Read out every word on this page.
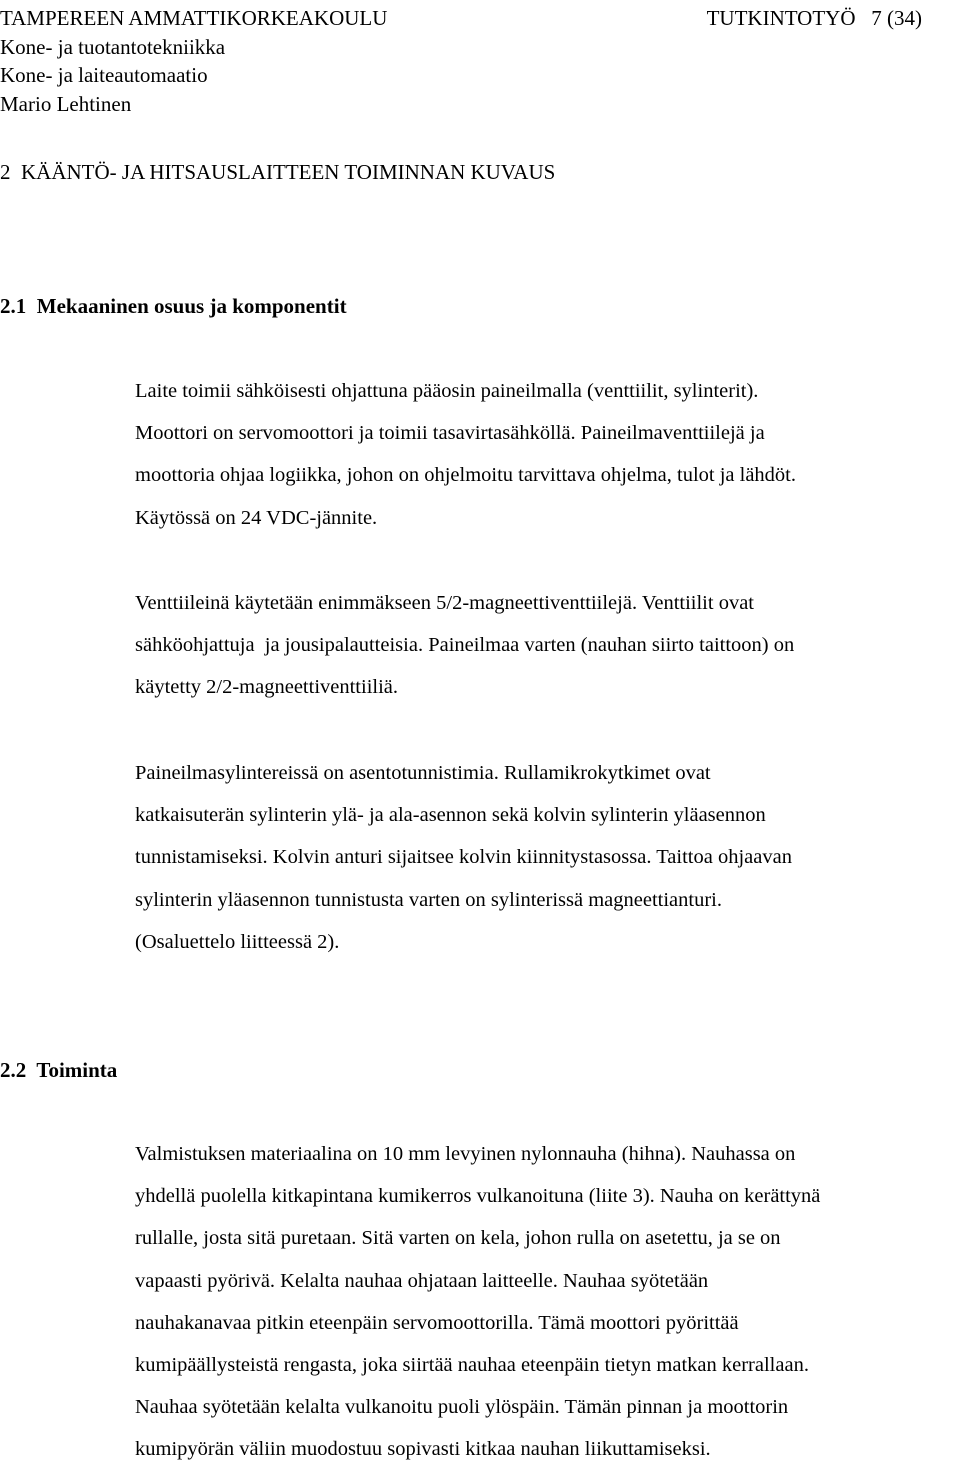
TAMPEREEN AMMATTIKORKEAKOULU	TUTKINTOTYÖ   7 (34)
Kone- ja tuotantotekniikka
Kone- ja laiteautomaatio
Mario Lehtinen
2  KÄÄNTÖ- JA HITSAUSLAITTEEN TOIMINNAN KUVAUS
2.1  Mekaaninen osuus ja komponentit

Laite toimii sähköisesti ohjattuna pääosin paineilmalla (venttiilit, sylinterit).
Moottori on servomoottori ja toimii tasavirtasähköllä. Paineilmaventtiilejä ja
moottoria ohjaa logiikka, johon on ohjelmoitu tarvittava ohjelma, tulot ja lähdöt.
Käytössä on 24 VDC-jännite.

Venttiileinä käytetään enimmäkseen 5/2-magneettiventtiilejä. Venttiilit ovat
sähköohjattuja  ja jousipalautteisia. Paineilmaa varten (nauhan siirto taittoon) on
käytetty 2/2-magneettiventtiiliä.

Paineilmasylintereissä on asentotunnistimia. Rullamikrokytkimet ovat
katkaisuterän sylinterin ylä- ja ala-asennon sekä kolvin sylinterin yläasennon
tunnistamiseksi. Kolvin anturi sijaitsee kolvin kiinnitystasossa. Taittoa ohjaavan
sylinterin yläasennon tunnistusta varten on sylinterissä magneettianturi.
(Osaluettelo liitteessä 2).

2.2  Toiminta

Valmistuksen materiaalina on 10 mm levyinen nylonnauha (hihna). Nauhassa on
yhdellä puolella kitkapintana kumikerros vulkanoituna (liite 3). Nauha on kerättynä
rullalle, josta sitä puretaan. Sitä varten on kela, johon rulla on asetettu, ja se on
vapaasti pyörivä. Kelalta nauhaa ohjataan laitteelle. Nauhaa syötetään
nauhakanavaa pitkin eteenpäin servomoottorilla. Tämä moottori pyörittää
kumipäällysteistä rengasta, joka siirtää nauhaa eteenpäin tietyn matkan kerrallaan.
Nauhaa syötetään kelalta vulkanoitu puoli ylöspäin. Tämän pinnan ja moottorin
kumipyörän väliin muodostuu sopivasti kitkaa nauhan liikuttamiseksi.
